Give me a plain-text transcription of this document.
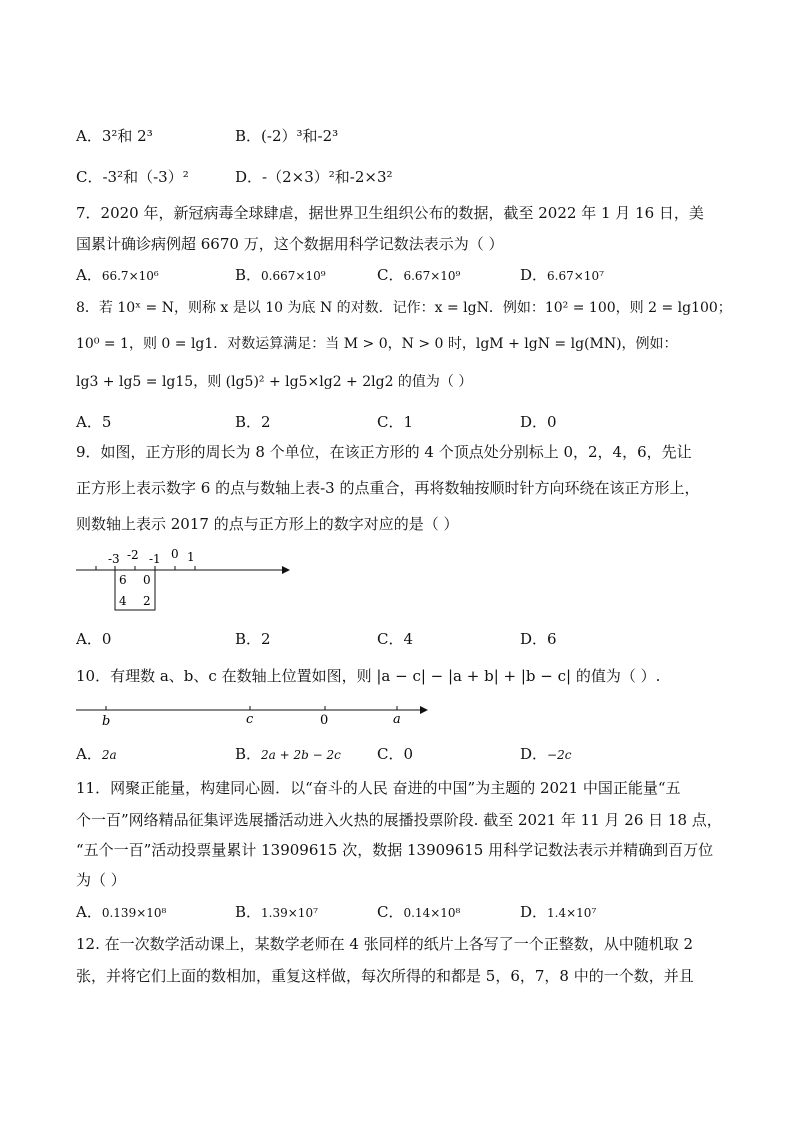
A．3²和 2³	B．(-2）³和-2³
C．-3²和（-3）²	D．-（2×3）²和-2×3²
7．2020 年，新冠病毒全球肆虐，据世界卫生组织公布的数据，截至 2022 年 1 月 16 日，美
国累计确诊病例超 6670 万，这个数据用科学记数法表示为（ ）
A．66.7×10⁶	B．0.667×10⁹	C．6.67×10⁹	D．6.67×10⁷
8．若 10ˣ = N，则称 x 是以 10 为底 N 的对数．记作：x = lgN．例如：10² = 100，则 2 = lg100；
10⁰ = 1，则 0 = lg1．对数运算满足：当 M > 0，N > 0 时，lgM + lgN = lg(MN)，例如：
lg3 + lg5 = lg15，则 (lg5)² + lg5×lg2 + 2lg2 的值为（ ）
A．5	B．2	C．1	D．0
9．如图，正方形的周长为 8 个单位，在该正方形的 4 个顶点处分别标上 0，2，4，6，先让
正方形上表示数字 6 的点与数轴上表-3 的点重合，再将数轴按顺时针方向环绕在该正方形上，
则数轴上表示 2017 的点与正方形上的数字对应的是（ ）
-3 -2 -1 0 1
6 0
4 2
b	c	0	a
A．0	B．2	C．4	D．6
10．有理数 a、b、c 在数轴上位置如图，则 |a − c| − |a + b| + |b − c| 的值为（ ）.
A．2a	B．2a + 2b − 2c C．0	D．−2c
11．网聚正能量，构建同心圆．以“奋斗的人民 奋进的中国”为主题的 2021 中国正能量“五
个一百”网络精品征集评选展播活动进入火热的展播投票阶段. 截至 2021 年 11 月 26 日 18 点，
“五个一百”活动投票量累计 13909615 次，数据 13909615 用科学记数法表示并精确到百万位
为（ ）
A．0.139×10⁸	B．1.39×10⁷	C．0.14×10⁸	D．1.4×10⁷
12. 在一次数学活动课上，某数学老师在 4 张同样的纸片上各写了一个正整数，从中随机取 2
张，并将它们上面的数相加，重复这样做，每次所得的和都是 5，6，7，8 中的一个数，并且
